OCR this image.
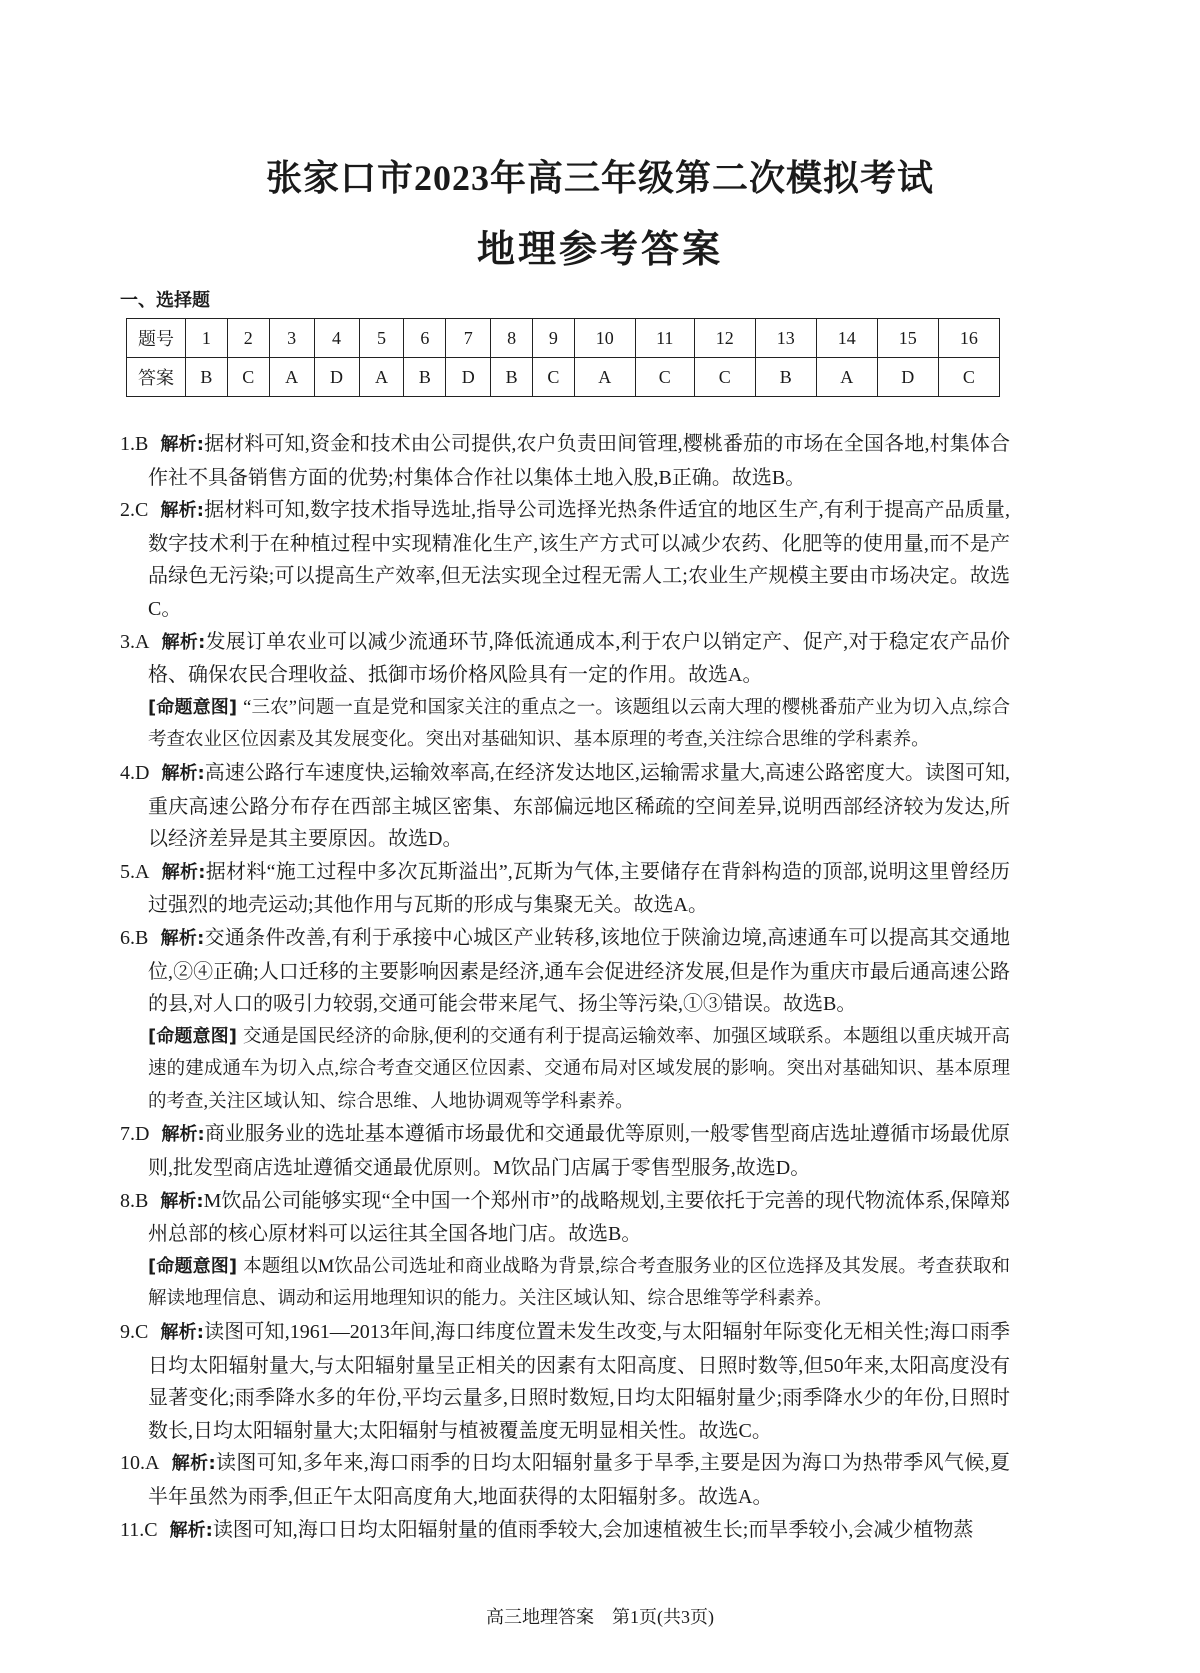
张家口市2023年高三年级第二次模拟考试
地理参考答案
一、选择题
题号	1	2	3	4	5	6	7	8	9	10	11	12	13	14	15	16
答案	B	C	A	D	A	B	D	B	C	A	C	C	B	A	D	C

1.B 解析:据材料可知,资金和技术由公司提供,农户负责田间管理,樱桃番茄的市场在全国各地,村集体合作社不具备销售方面的优势;村集体合作社以集体土地入股,B正确。故选B。

2.C 解析:据材料可知,数字技术指导选址,指导公司选择光热条件适宜的地区生产,有利于提高产品质量,数字技术利于在种植过程中实现精准化生产,该生产方式可以减少农药、化肥等的使用量,而不是产品绿色无污染;可以提高生产效率,但无法实现全过程无需人工;农业生产规模主要由市场决定。故选C。

3.A 解析:发展订单农业可以减少流通环节,降低流通成本,利于农户以销定产、促产,对于稳定农产品价格、确保农民合理收益、抵御市场价格风险具有一定的作用。故选A。

[命题意图] “三农”问题一直是党和国家关注的重点之一。该题组以云南大理的樱桃番茄产业为切入点,综合考查农业区位因素及其发展变化。突出对基础知识、基本原理的考查,关注综合思维的学科素养。

4.D 解析:高速公路行车速度快,运输效率高,在经济发达地区,运输需求量大,高速公路密度大。读图可知,重庆高速公路分布存在西部主城区密集、东部偏远地区稀疏的空间差异,说明西部经济较为发达,所以经济差异是其主要原因。故选D。

5.A 解析:据材料“施工过程中多次瓦斯溢出”,瓦斯为气体,主要储存在背斜构造的顶部,说明这里曾经历过强烈的地壳运动;其他作用与瓦斯的形成与集聚无关。故选A。

6.B 解析:交通条件改善,有利于承接中心城区产业转移,该地位于陕渝边境,高速通车可以提高其交通地位,②④正确;人口迁移的主要影响因素是经济,通车会促进经济发展,但是作为重庆市最后通高速公路的县,对人口的吸引力较弱,交通可能会带来尾气、扬尘等污染,①③错误。故选B。

[命题意图] 交通是国民经济的命脉,便利的交通有利于提高运输效率、加强区域联系。本题组以重庆城开高速的建成通车为切入点,综合考查交通区位因素、交通布局对区域发展的影响。突出对基础知识、基本原理的考查,关注区域认知、综合思维、人地协调观等学科素养。

7.D 解析:商业服务业的选址基本遵循市场最优和交通最优等原则,一般零售型商店选址遵循市场最优原则,批发型商店选址遵循交通最优原则。M饮品门店属于零售型服务,故选D。

8.B 解析:M饮品公司能够实现“全中国一个郑州市”的战略规划,主要依托于完善的现代物流体系,保障郑州总部的核心原材料可以运往其全国各地门店。故选B。

[命题意图] 本题组以M饮品公司选址和商业战略为背景,综合考查服务业的区位选择及其发展。考查获取和解读地理信息、调动和运用地理知识的能力。关注区域认知、综合思维等学科素养。

9.C 解析:读图可知,1961—2013年间,海口纬度位置未发生改变,与太阳辐射年际变化无相关性;海口雨季日均太阳辐射量大,与太阳辐射量呈正相关的因素有太阳高度、日照时数等,但50年来,太阳高度没有显著变化;雨季降水多的年份,平均云量多,日照时数短,日均太阳辐射量少;雨季降水少的年份,日照时数长,日均太阳辐射量大;太阳辐射与植被覆盖度无明显相关性。故选C。

10.A 解析:读图可知,多年来,海口雨季的日均太阳辐射量多于旱季,主要是因为海口为热带季风气候,夏半年虽然为雨季,但正午太阳高度角大,地面获得的太阳辐射多。故选A。

11.C 解析:读图可知,海口日均太阳辐射量的值雨季较大,会加速植被生长;而旱季较小,会减少植物蒸

高三地理答案　第1页(共3页)
